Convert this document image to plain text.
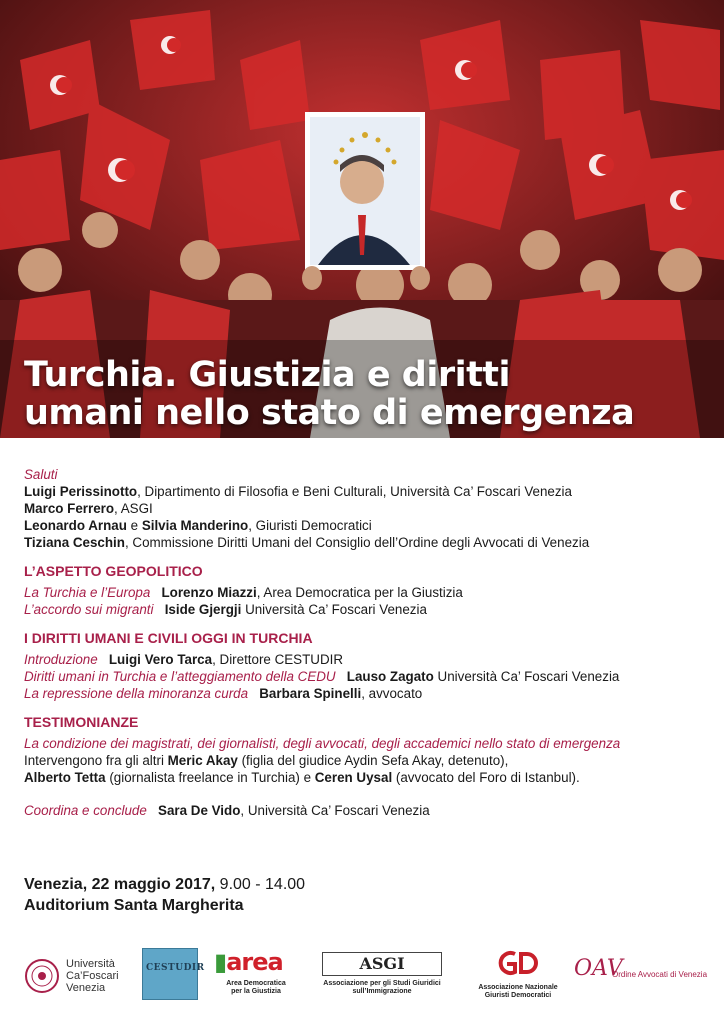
Turchia. Giustizia e diritti
umani nello stato di emergenza
Saluti
Luigi Perissinotto, Dipartimento di Filosofia e Beni Culturali, Università Ca’ Foscari Venezia
Marco Ferrero, ASGI
Leonardo Arnau e Silvia Manderino, Giuristi Democratici
Tiziana Ceschin, Commissione Diritti Umani del Consiglio dell’Ordine degli Avvocati di Venezia
L’ASPETTO GEOPOLITICO
La Turchia e l’Europa Lorenzo Miazzi, Area Democratica per la Giustizia
L’accordo sui migranti Iside Gjergji Università Ca’ Foscari Venezia
I DIRITTI UMANI E CIVILI OGGI IN TURCHIA
Introduzione Luigi Vero Tarca, Direttore CESTUDIR
Diritti umani in Turchia e l’atteggiamento della CEDU Lauso Zagato Università Ca’ Foscari Venezia
La repressione della minoranza curda Barbara Spinelli, avvocato
TESTIMONIANZE
La condizione dei magistrati, dei giornalisti, degli avvocati, degli accademici nello stato di emergenza
Intervengono fra gli altri Meric Akay (figlia del giudice Aydin Sefa Akay, detenuto),
Alberto Tetta (giornalista freelance in Turchia) e Ceren Uysal (avvocato del Foro di Istanbul).
Coordina e conclude Sara De Vido, Università Ca’ Foscari Venezia
Venezia, 22 maggio 2017, 9.00 - 14.00
Auditorium Santa Margherita
Università
Ca’Foscari
Venezia
CESTUDIR ▮area
Area Democratica
per la Giustizia
ASGI
Associazione per gli Studi Giuridici
sull’Immigrazione
Associazione Nazionale
Giuristi Democratici
OAV
Ordine Avvocati di Venezia
